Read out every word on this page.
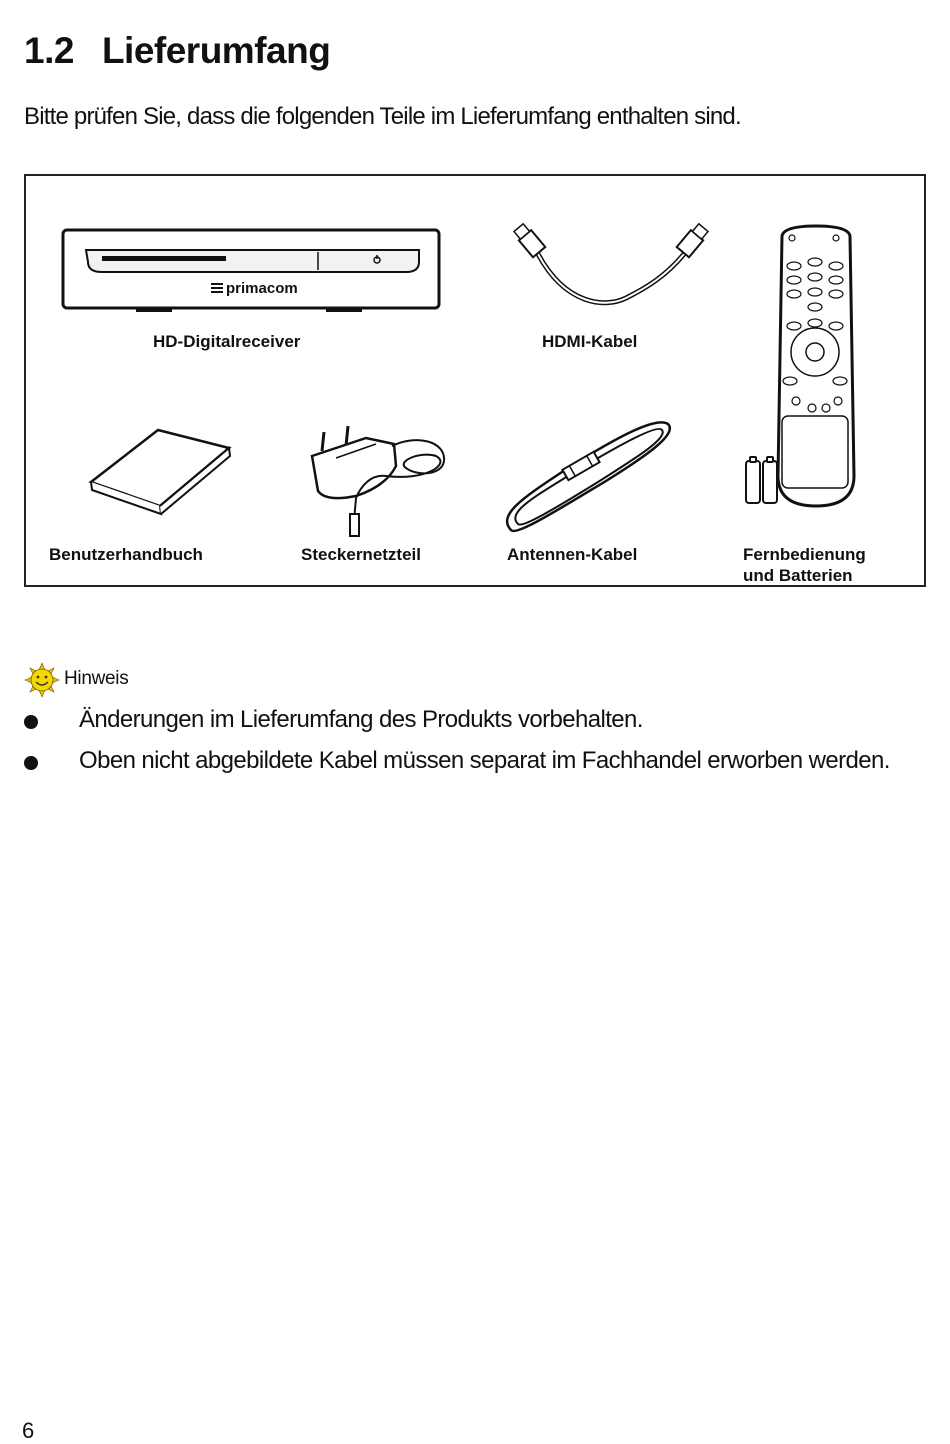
1.2 Lieferumfang

Bitte prüfen Sie, dass die folgenden Teile im Lieferumfang enthalten sind.

primacom
HD-Digitalreceiver	HDMI-Kabel
Benutzerhandbuch	Steckernetzteil	Antennen-Kabel	Fernbedienung
und Batterien
Hinweis
Änderungen im Lieferumfang des Produkts vorbehalten.
Oben nicht abgebildete Kabel müssen separat im Fachhandel erworben werden.
6
